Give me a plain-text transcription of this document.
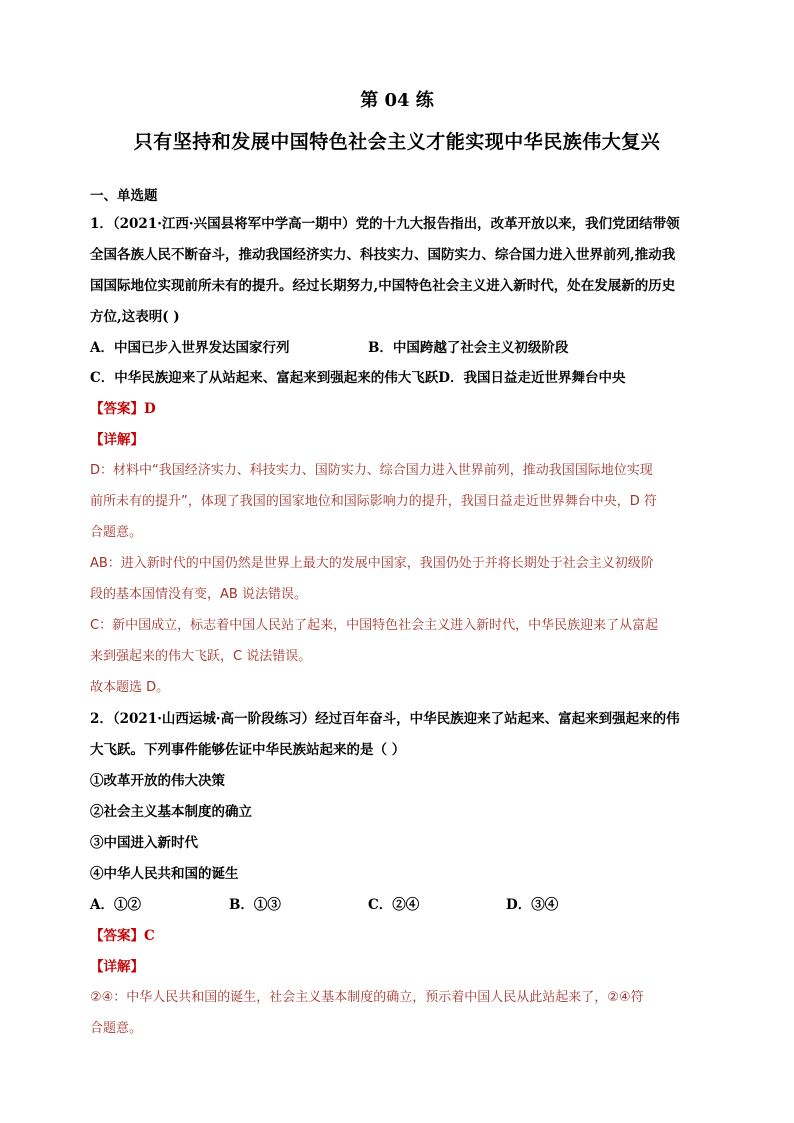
第 04 练
只有坚持和发展中国特色社会主义才能实现中华民族伟大复兴
一、单选题
1．（2021·江西·兴国县将军中学高一期中）党的十九大报告指出，改革开放以来，我们党团结带领
全国各族人民不断奋斗，推动我国经济实力、科技实力、国防实力、综合国力进入世界前列,推动我
国国际地位实现前所未有的提升。经过长期努力,中国特色社会主义进入新时代，处在发展新的历史
方位,这表明( )
A．中国已步入世界发达国家行列	B．中国跨越了社会主义初级阶段
C．中华民族迎来了从站起来、富起来到强起来的伟大飞跃D．我国日益走近世界舞台中央
【答案】D
【详解】
D：材料中“我国经济实力、科技实力、国防实力、综合国力进入世界前列，推动我国国际地位实现
前所未有的提升”，体现了我国的国家地位和国际影响力的提升，我国日益走近世界舞台中央，D 符
合题意。
AB：进入新时代的中国仍然是世界上最大的发展中国家，我国仍处于并将长期处于社会主义初级阶
段的基本国情没有变，AB 说法错误。
C：新中国成立，标志着中国人民站了起来，中国特色社会主义进入新时代，中华民族迎来了从富起
来到强起来的伟大飞跃，C 说法错误。
故本题选 D。
2．（2021·山西运城·高一阶段练习）经过百年奋斗，中华民族迎来了站起来、富起来到强起来的伟
大飞跃。下列事件能够佐证中华民族站起来的是（ ）
①改革开放的伟大决策
②社会主义基本制度的确立
③中国进入新时代
④中华人民共和国的诞生
A．①②	B．①③	C．②④	D．③④
【答案】C
【详解】
②④：中华人民共和国的诞生，社会主义基本制度的确立，预示着中国人民从此站起来了，②④符
合题意。
